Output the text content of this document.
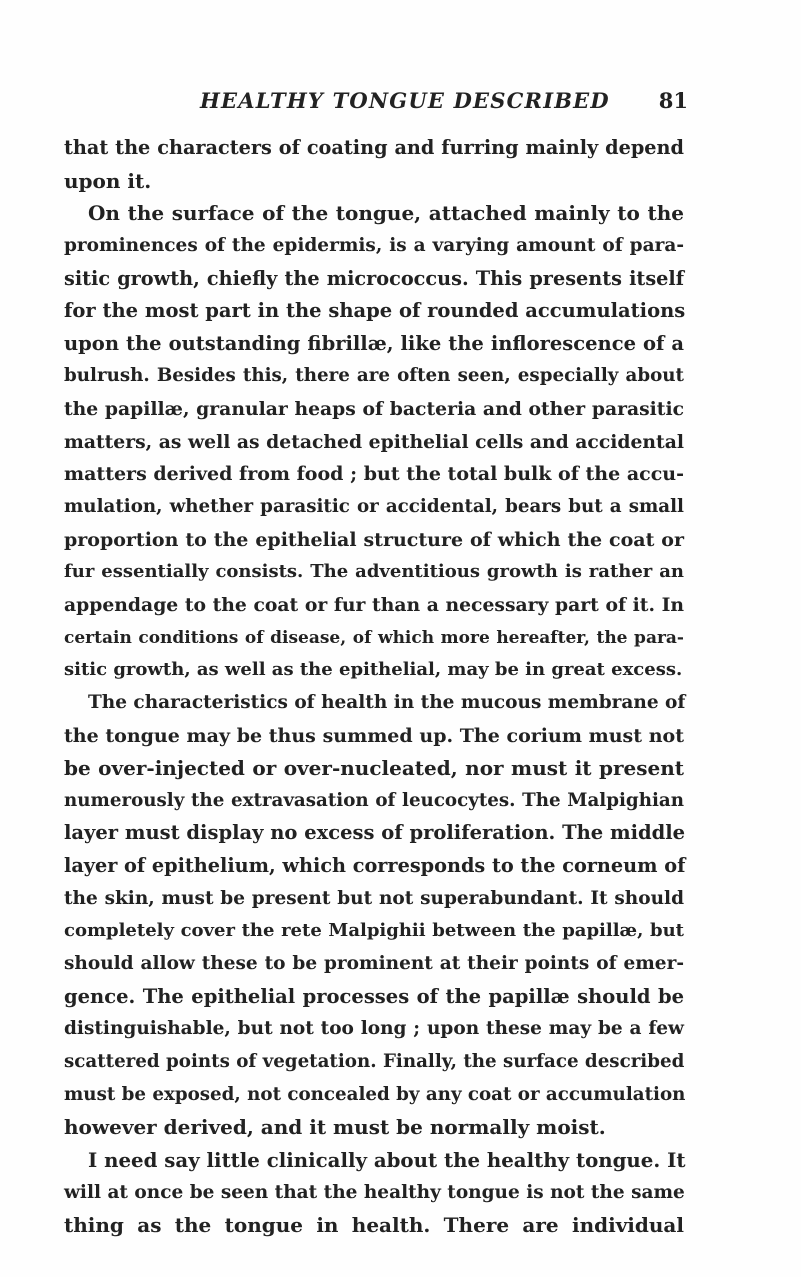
HEALTHY TONGUE DESCRIBED 81
that the characters of coating and furring mainly depend
upon it.
On the surface of the tongue, attached mainly to the
prominences of the epidermis, is a varying amount of para-
sitic growth, chiefly the micrococcus. This presents itself
for the most part in the shape of rounded accumulations
upon the outstanding fibrillæ, like the inflorescence of a
bulrush. Besides this, there are often seen, especially about
the papillæ, granular heaps of bacteria and other parasitic
matters, as well as detached epithelial cells and accidental
matters derived from food ; but the total bulk of the accu-
mulation, whether parasitic or accidental, bears but a small
proportion to the epithelial structure of which the coat or
fur essentially consists. The adventitious growth is rather an
appendage to the coat or fur than a necessary part of it. In
certain conditions of disease, of which more hereafter, the para-
sitic growth, as well as the epithelial, may be in great excess.
The characteristics of health in the mucous membrane of
the tongue may be thus summed up. The corium must not
be over-injected or over-nucleated, nor must it present
numerously the extravasation of leucocytes. The Malpighian
layer must display no excess of proliferation. The middle
layer of epithelium, which corresponds to the corneum of
the skin, must be present but not superabundant. It should
completely cover the rete Malpighii between the papillæ, but
should allow these to be prominent at their points of emer-
gence. The epithelial processes of the papillæ should be
distinguishable, but not too long ; upon these may be a few
scattered points of vegetation. Finally, the surface described
must be exposed, not concealed by any coat or accumulation
however derived, and it must be normally moist.
I need say little clinically about the healthy tongue. It
will at once be seen that the healthy tongue is not the same
thing as the tongue in health. There are individual
